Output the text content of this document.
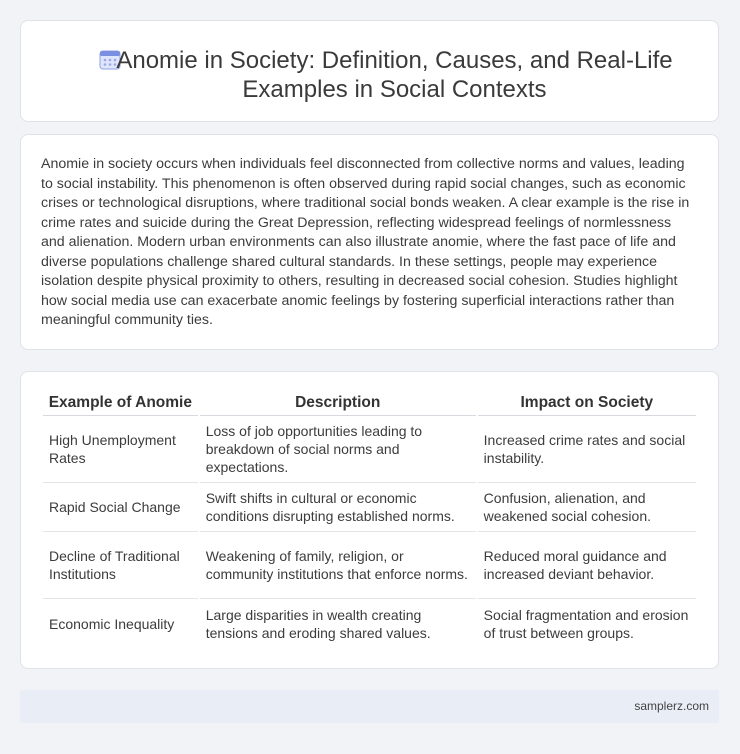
Anomie in Society: Definition, Causes, and Real-Life Examples in Social Contexts

Anomie in society occurs when individuals feel disconnected from collective norms and values, leading to social instability. This phenomenon is often observed during rapid social changes, such as economic crises or technological disruptions, where traditional social bonds weaken. A clear example is the rise in crime rates and suicide during the Great Depression, reflecting widespread feelings of normlessness and alienation. Modern urban environments can also illustrate anomie, where the fast pace of life and diverse populations challenge shared cultural standards. In these settings, people may experience isolation despite physical proximity to others, resulting in decreased social cohesion. Studies highlight how social media use can exacerbate anomic feelings by fostering superficial interactions rather than meaningful community ties.

Example of Anomie	Description	Impact on Society
High Unemployment Rates	Loss of job opportunities leading to breakdown of social norms and expectations.	Increased crime rates and social instability.
Rapid Social Change	Swift shifts in cultural or economic conditions disrupting established norms.	Confusion, alienation, and weakened social cohesion.
Decline of Traditional Institutions	Weakening of family, religion, or community institutions that enforce norms.	Reduced moral guidance and increased deviant behavior.
Economic Inequality	Large disparities in wealth creating tensions and eroding shared values.	Social fragmentation and erosion of trust between groups.
samplerz.com
